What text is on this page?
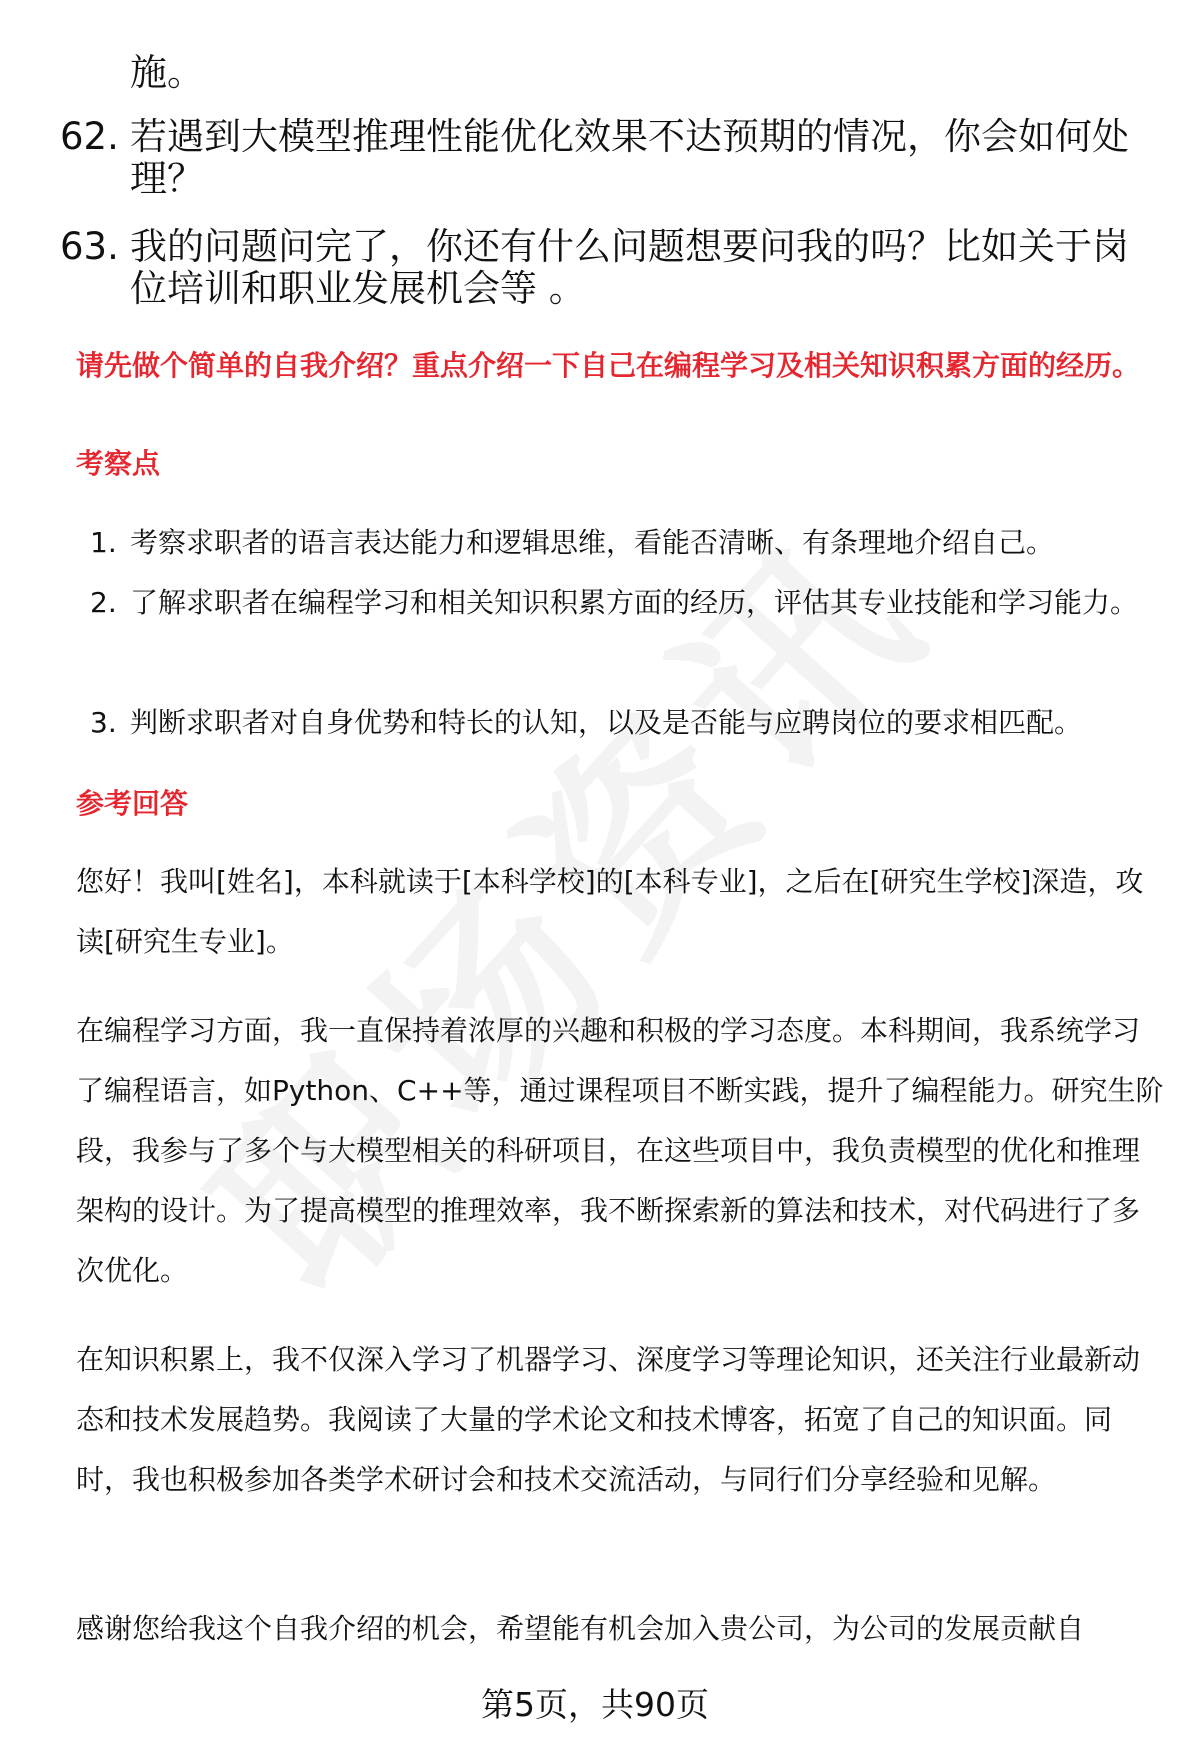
施。
62. 若遇到大模型推理性能优化效果不达预期的情况，你会如何处理？
63. 我的问题问完了，你还有什么问题想要问我的吗？比如关于岗位培训和职业发展机会等 。
请先做个简单的自我介绍？重点介绍一下自己在编程学习及相关知识积累方面的经历。
考察点
1. 考察求职者的语言表达能力和逻辑思维，看能否清晰、有条理地介绍自己。
2. 了解求职者在编程学习和相关知识积累方面的经历，评估其专业技能和学习能力。
3. 判断求职者对自身优势和特长的认知，以及是否能与应聘岗位的要求相匹配。
参考回答

您好！我叫[姓名]，本科就读于[本科学校]的[本科专业]，之后在[研究生学校]深造，攻读[研究生专业]。

在编程学习方面，我一直保持着浓厚的兴趣和积极的学习态度。本科期间，我系统学习了编程语言，如Python、C++等，通过课程项目不断实践，提升了编程能力。研究生阶段，我参与了多个与大模型相关的科研项目，在这些项目中，我负责模型的优化和推理架构的设计。为了提高模型的推理效率，我不断探索新的算法和技术，对代码进行了多次优化。

在知识积累上，我不仅深入学习了机器学习、深度学习等理论知识，还关注行业最新动态和技术发展趋势。我阅读了大量的学术论文和技术博客，拓宽了自己的知识面。同时，我也积极参加各类学术研讨会和技术交流活动，与同行们分享经验和见解。

感谢您给我这个自我介绍的机会，希望能有机会加入贵公司，为公司的发展贡献自

第5页，共90页
